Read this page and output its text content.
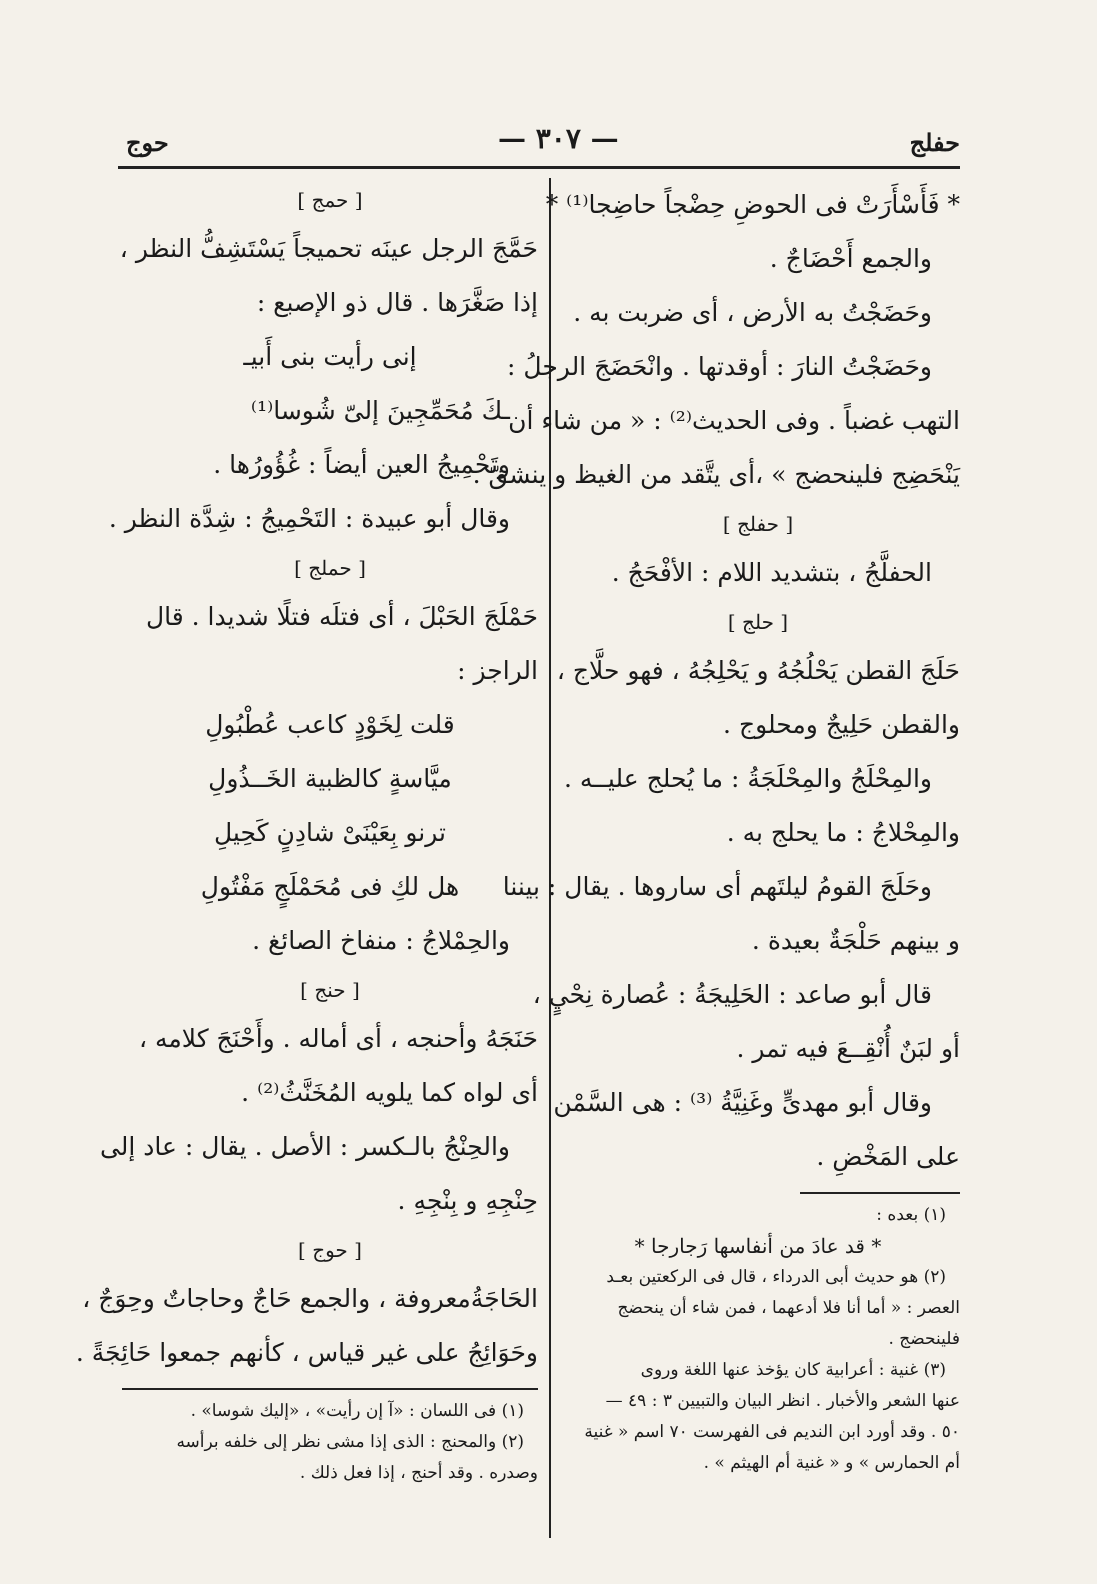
حفلج
— ٣٠٧ —
حوج
* فَأَسْأَرَتْ فى الحوضِ حِضْجاً حاضِجا⁽¹⁾ *
والجمع أَحْضَاجٌ .
وحَضَجْتُ به الأرض ، أى ضربت به .
وحَضَجْتُ النارَ : أوقدتها . وانْحَضَجَ الرجلُ :
التهب غضباً . وفى الحديث⁽²⁾ : « من شاء أن
يَنْحَضِج فلينحضج » ،أى يتَّقد من الغيظ و ينشقّ .
[ حفلج ]
الحفلَّجُ ، بتشديد اللام : الأفْحَجُ .
[ حلج ]
حَلَجَ القطن يَحْلُجُهُ و يَحْلِجُهُ ، فهو حلَّاج ،
والقطن حَلِيجٌ ومحلوج .
والمِحْلَجُ والمِحْلَجَةُ : ما يُحلج عليــه .
والمِحْلاجُ : ما يحلج به .
وحَلَجَ القومُ ليلتَهم أى ساروها . يقال : بيننا
و بينهم حَلْجَةٌ بعيدة .
قال أبو صاعد : الحَلِيجَةُ : عُصارة نِحْيٍ ،
أو لبَنٌ أُنْقِــعَ فيه تمر .
وقال أبو مهدىٍّ وغَنِيَّةُ ⁽³⁾ : هى السَّمْن
على المَخْضِ .
(١) بعده :
* قد عادَ من أنفاسها رَجارجا *
(٢) هو حديث أبى الدرداء ، قال فى الركعتين بعـد
العصر : « أما أنا فلا أدعهما ، فمن شاء أن ينحضج
فلينحضج .
(٣) غنية : أعرابية كان يؤخذ عنها اللغة وروى
عنها الشعر والأخبار . انظر البيان والتبيين ٣ : ٤٩ —
٥٠ . وقد أورد ابن النديم فى الفهرست ٧٠ اسم « غنية
أم الحمارس » و « غنية أم الهيثم » .
[ حمج ]
حَمَّجَ الرجل عينَه تحميجاً يَسْتَشِفُّ النظر ،
إذا صَغَّرَها . قال ذو الإصبع :
إنى رأيت بنى أَبيـ
ـكَ مُحَمِّجِينَ إلىّ شُوسا⁽¹⁾
وتَحْمِيجُ العين أيضاً : غُؤُورُها .
وقال أبو عبيدة : التَحْمِيجُ : شِدَّة النظر .
[ حملج ]
حَمْلَجَ الحَبْلَ ، أى فتلَه فتلًا شديدا . قال
الراجز :
قلت لِخَوْدٍ كاعب عُطْبُولِ
ميَّاسةٍ كالظبية الخَــذُولِ
ترنو بِعَيْنَىْ شادِنٍ كَحِيلِ
هل لكِ فى مُحَمْلَجٍ مَفْتُولِ
والحِمْلاجُ : منفاخ الصائغ .
[ حنج ]
حَنَجَهُ وأحنجه ، أى أماله . وأَحْنَجَ كلامه ،
أى لواه كما يلويه المُخَنَّثُ⁽²⁾ .
والحِنْجُ بالـكسر : الأصل . يقال : عاد إلى
حِنْجِهِ و بِنْجِهِ .
[ حوج ]
الحَاجَةُمعروفة ، والجمع حَاجٌ وحاجاتٌ وحِوَجٌ ،
وحَوَائِجُ على غير قياس ، كأنهم جمعوا حَائِجَةً .
(١) فى اللسان : «آ إن رأيت» ، «إليك شوسا» .
(٢) والمحنج : الذى إذا مشى نظر إلى خلفه برأسه
وصدره . وقد أحنج ، إذا فعل ذلك .
